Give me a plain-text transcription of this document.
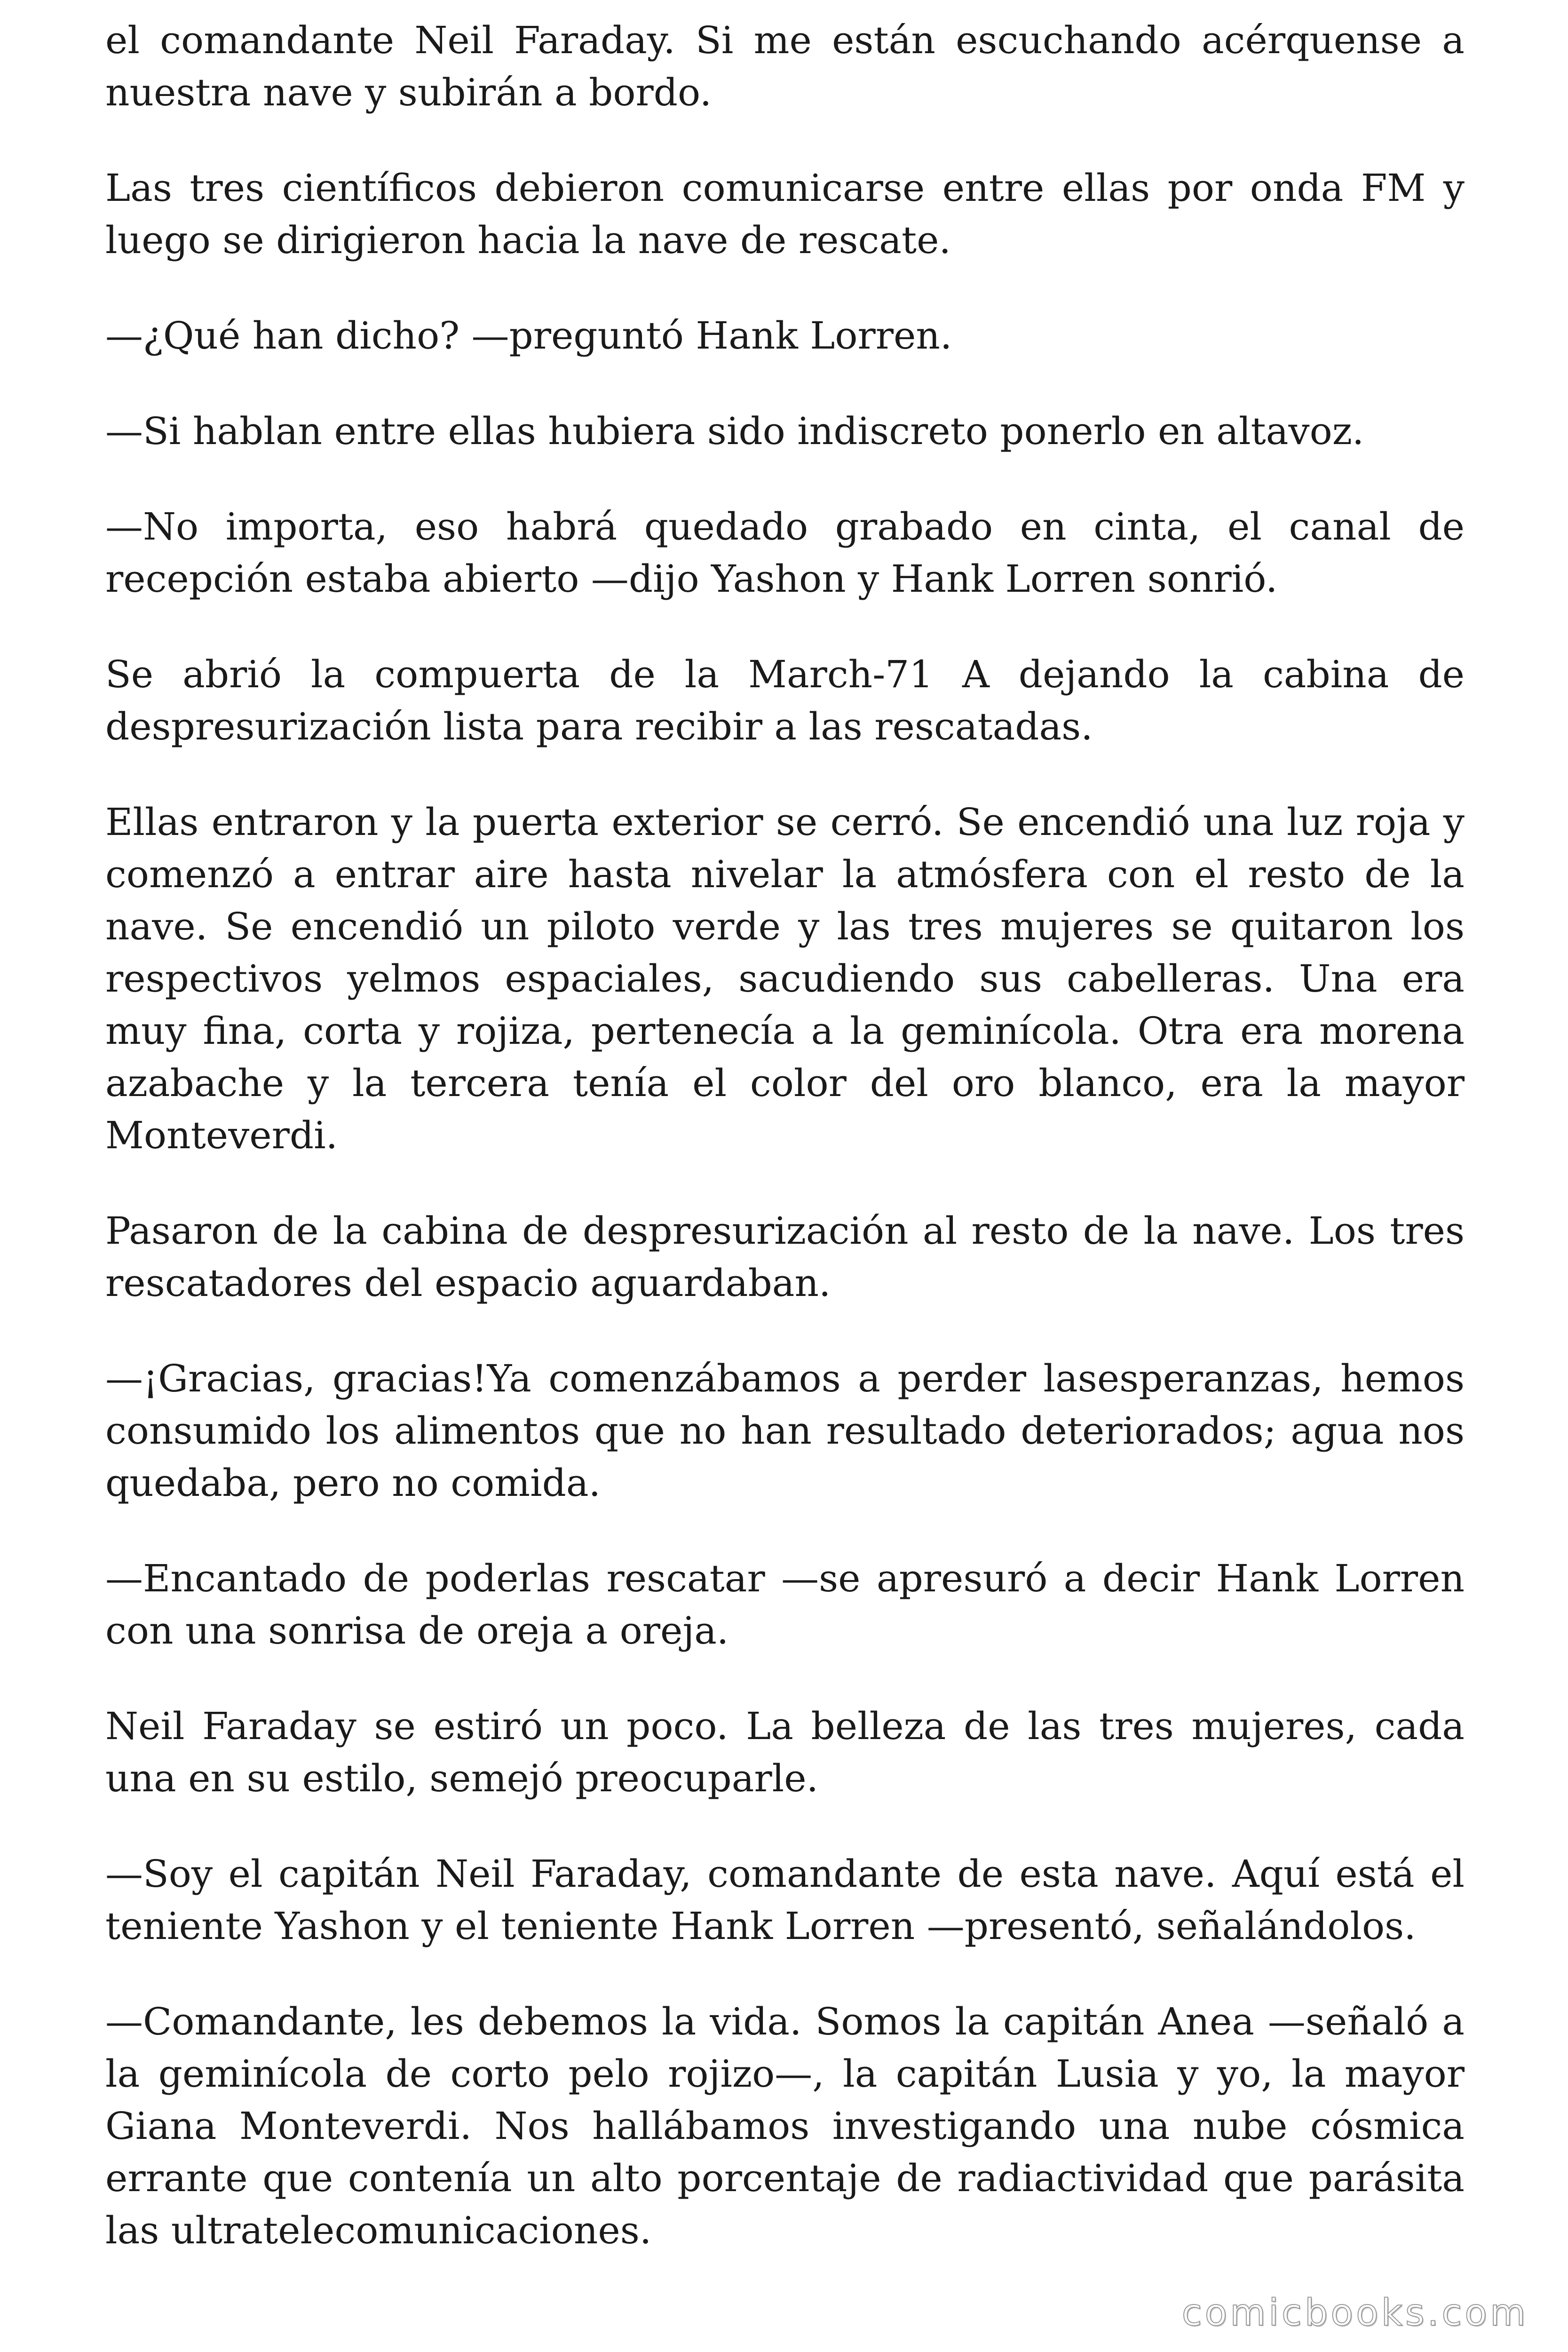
el comandante Neil Faraday. Si me están escuchando acérquense a nuestra nave y subirán a bordo.

Las tres científicos debieron comunicarse entre ellas por onda FM y luego se dirigieron hacia la nave de rescate.

—¿Qué han dicho? —preguntó Hank Lorren.

—Si hablan entre ellas hubiera sido indiscreto ponerlo en altavoz.

—No importa, eso habrá quedado grabado en cinta, el canal de recepción estaba abierto —dijo Yashon y Hank Lorren sonrió.

Se abrió la compuerta de la March-71 A dejando la cabina de despresurización lista para recibir a las rescatadas.

Ellas entraron y la puerta exterior se cerró. Se encendió una luz roja y comenzó a entrar aire hasta nivelar la atmósfera con el resto de la nave. Se encendió un piloto verde y las tres mujeres se quitaron los respectivos yelmos espaciales, sacudiendo sus cabelleras. Una era muy fina, corta y rojiza, pertenecía a la geminícola. Otra era morena azabache y la tercera tenía el color del oro blanco, era la mayor Monteverdi.

Pasaron de la cabina de despresurización al resto de la nave. Los tres rescatadores del espacio aguardaban.

—¡Gracias, gracias!Ya comenzábamos a perder lasesperanzas, hemos consumido los alimentos que no han resultado deteriorados; agua nos quedaba, pero no comida.

—Encantado de poderlas rescatar —se apresuró a decir Hank Lorren con una sonrisa de oreja a oreja.

Neil Faraday se estiró un poco. La belleza de las tres mujeres, cada una en su estilo, semejó preocuparle.

—Soy el capitán Neil Faraday, comandante de esta nave. Aquí está el teniente Yashon y el teniente Hank Lorren —presentó, señalándolos.

—Comandante, les debemos la vida. Somos la capitán Anea —señaló a la geminícola de corto pelo rojizo—, la capitán Lusia y yo, la mayor Giana Monteverdi. Nos hallábamos investigando una nube cósmica errante que contenía un alto porcentaje de radiactividad que parásita las ultratelecomunicaciones.

comicbooks.com
